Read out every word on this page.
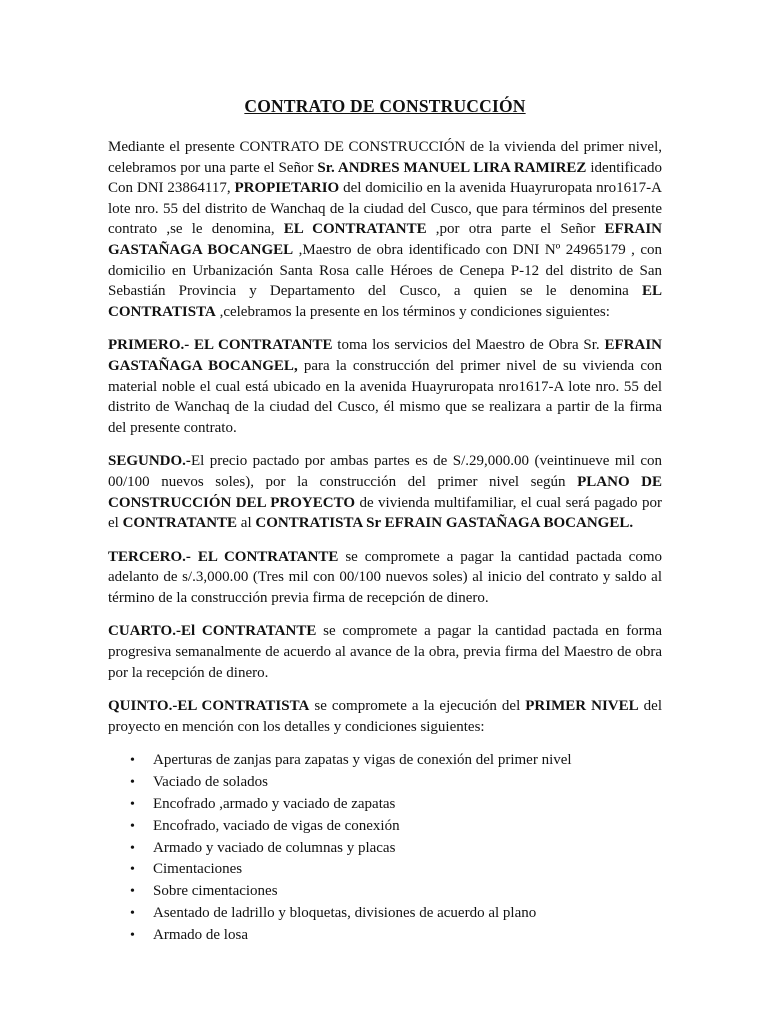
CONTRATO DE CONSTRUCCIÓN

Mediante el presente CONTRATO DE CONSTRUCCIÓN de la vivienda del primer nivel, celebramos por una parte el Señor Sr. ANDRES MANUEL LIRA RAMIREZ identificado Con DNI 23864117, PROPIETARIO del domicilio en la avenida Huayruropata nro1617-A lote nro. 55 del distrito de Wanchaq de la ciudad del Cusco, que para términos del presente contrato ,se le denomina, EL CONTRATANTE ,por otra parte el Señor EFRAIN GASTAÑAGA BOCANGEL ,Maestro de obra identificado con DNI Nº 24965179 , con domicilio en Urbanización Santa Rosa calle Héroes de Cenepa P-12 del distrito de San Sebastián Provincia y Departamento del Cusco, a quien se le denomina EL CONTRATISTA ,celebramos la presente en los términos y condiciones siguientes:

PRIMERO.- EL CONTRATANTE toma los servicios del Maestro de Obra Sr. EFRAIN GASTAÑAGA BOCANGEL, para la construcción del primer nivel de su vivienda con material noble el cual está ubicado en la avenida Huayruropata nro1617-A lote nro. 55 del distrito de Wanchaq de la ciudad del Cusco, él mismo que se realizara a partir de la firma del presente contrato.

SEGUNDO.-El precio pactado por ambas partes es de S/.29,000.00 (veintinueve mil con 00/100 nuevos soles), por la construcción del primer nivel según PLANO DE CONSTRUCCIÓN DEL PROYECTO de vivienda multifamiliar, el cual será pagado por el CONTRATANTE al CONTRATISTA Sr EFRAIN GASTAÑAGA BOCANGEL.

TERCERO.- EL CONTRATANTE se compromete a pagar la cantidad pactada como adelanto de s/.3,000.00 (Tres mil con 00/100 nuevos soles) al inicio del contrato y saldo al término de la construcción previa firma de recepción de dinero.

CUARTO.-El CONTRATANTE se compromete a pagar la cantidad pactada en forma progresiva semanalmente de acuerdo al avance de la obra, previa firma del Maestro de obra por la recepción de dinero.

QUINTO.-EL CONTRATISTA se compromete a la ejecución del PRIMER NIVEL del proyecto en mención con los detalles y condiciones siguientes:

• Aperturas de zanjas para zapatas y vigas de conexión del primer nivel
• Vaciado de solados
• Encofrado ,armado y vaciado de zapatas
• Encofrado, vaciado de vigas de conexión
• Armado y vaciado de columnas y placas
• Cimentaciones
• Sobre cimentaciones
• Asentado de ladrillo y bloquetas, divisiones de acuerdo al plano
• Armado de losa
